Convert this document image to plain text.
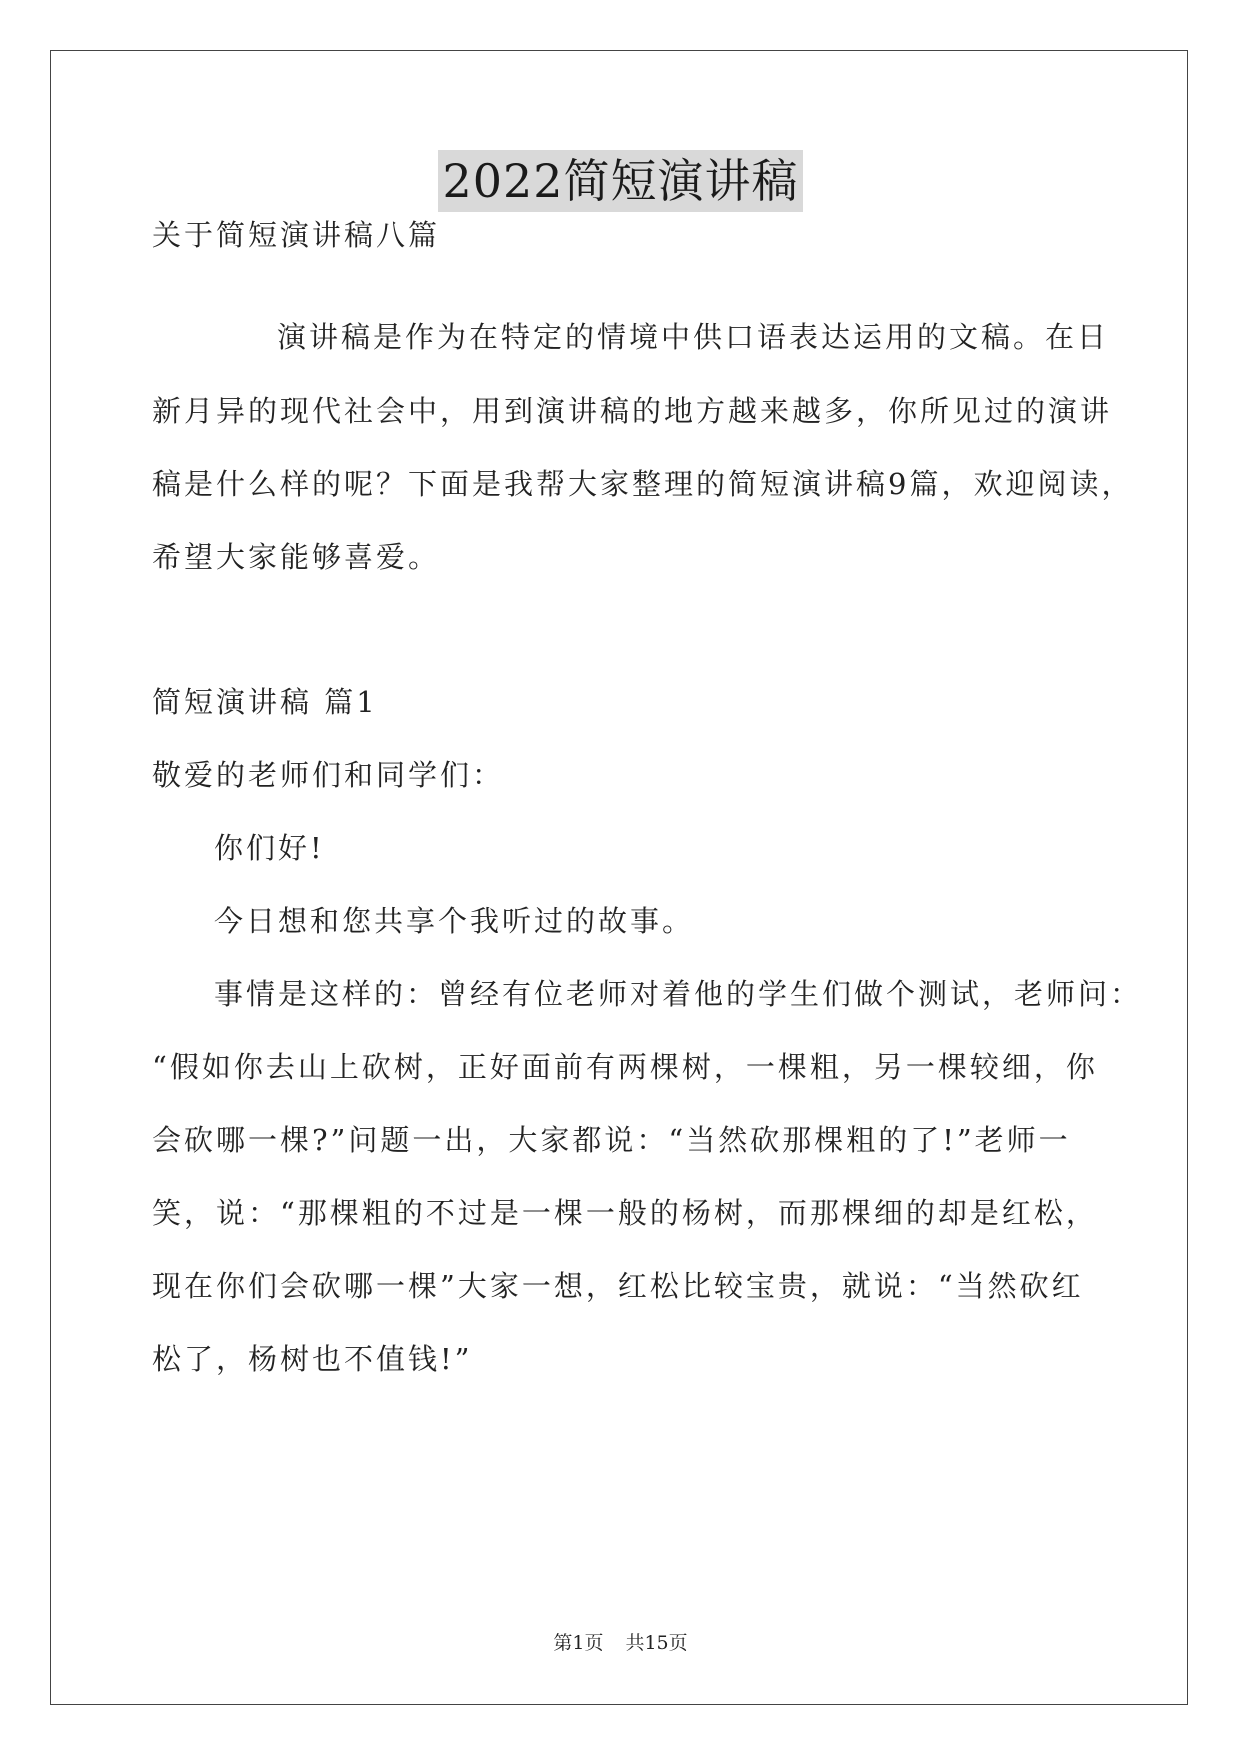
2022简短演讲稿
关于简短演讲稿八篇
演讲稿是作为在特定的情境中供口语表达运用的文稿。在日
新月异的现代社会中，用到演讲稿的地方越来越多，你所见过的演讲
稿是什么样的呢？下面是我帮大家整理的简短演讲稿9篇，欢迎阅读，
希望大家能够喜爱。
简短演讲稿 篇1
敬爱的老师们和同学们：
你们好!
今日想和您共享个我听过的故事。
事情是这样的：曾经有位老师对着他的学生们做个测试，老师问：
“假如你去山上砍树，正好面前有两棵树，一棵粗，另一棵较细，你
会砍哪一棵?”问题一出，大家都说：“当然砍那棵粗的了!”老师一
笑，说：“那棵粗的不过是一棵一般的杨树，而那棵细的却是红松，
现在你们会砍哪一棵”大家一想，红松比较宝贵，就说：“当然砍红
松了，杨树也不值钱!”
第1页 共15页
